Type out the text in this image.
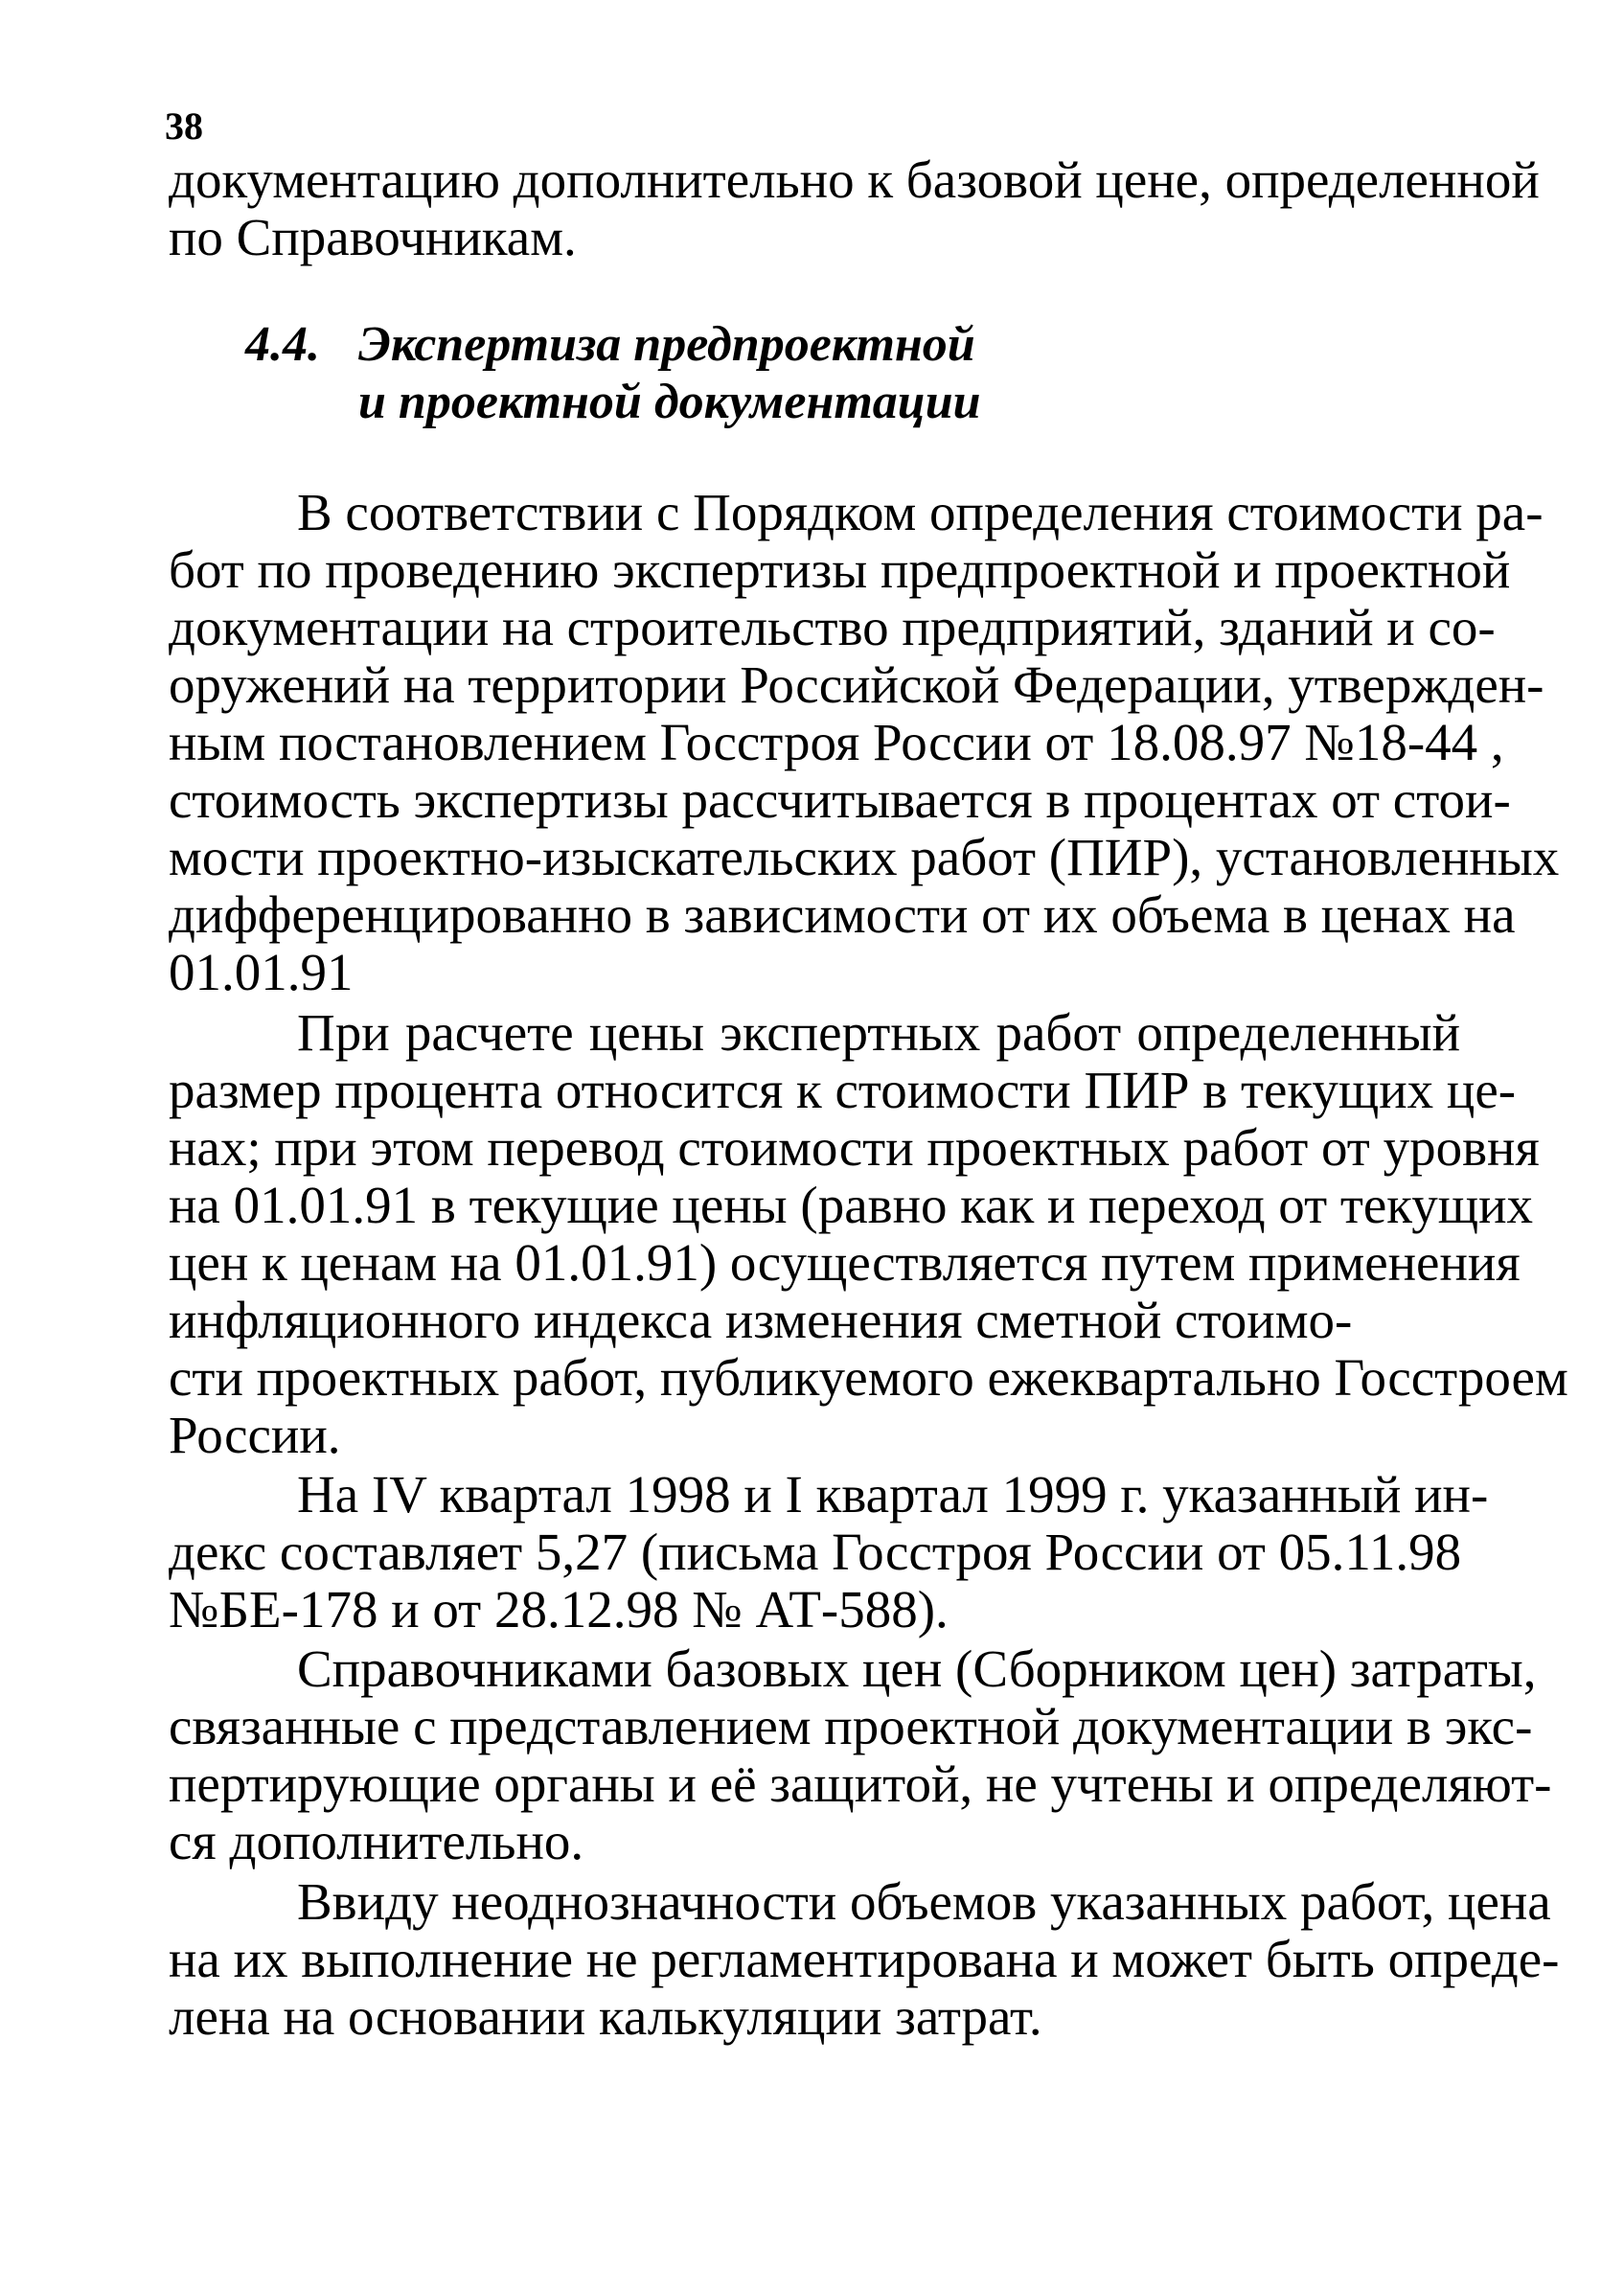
38
документацию дополнительно к базовой цене, определенной
по Справочникам.
4.4. Экспертиза предпроектной
и проектной документации
В соответствии с Порядком определения стоимости ра-
бот по проведению экспертизы предпроектной и проектной
документации на строительство предприятий, зданий и со-
оружений на территории Российской Федерации, утвержден-
ным постановлением Госстроя России от 18.08.97 №18-44 ,
стоимость экспертизы рассчитывается в процентах от стои-
мости проектно-изыскательских работ (ПИР), установленных
дифференцированно в зависимости от их объема в ценах на
01.01.91
При расчете цены экспертных работ определенный
размер процента относится к стоимости ПИР в текущих це-
нах; при этом перевод стоимости проектных работ от уровня
на 01.01.91 в текущие цены (равно как и переход от текущих
цен к ценам на 01.01.91) осуществляется путем применения
инфляционного индекса изменения сметной стоимо-
сти проектных работ, публикуемого ежеквартально Госстроем
России.
На IV квартал 1998 и I квартал 1999 г. указанный ин-
декс составляет 5,27 (письма Госстроя России от 05.11.98
№БЕ-178 и от 28.12.98 № АТ-588).
Справочниками базовых цен (Сборником цен) затраты,
связанные с представлением проектной документации в экс-
пертирующие органы и её защитой, не учтены и определяют-
ся дополнительно.
Ввиду неоднозначности объемов указанных работ, цена
на их выполнение не регламентирована и может быть опреде-
лена на основании калькуляции затрат.
